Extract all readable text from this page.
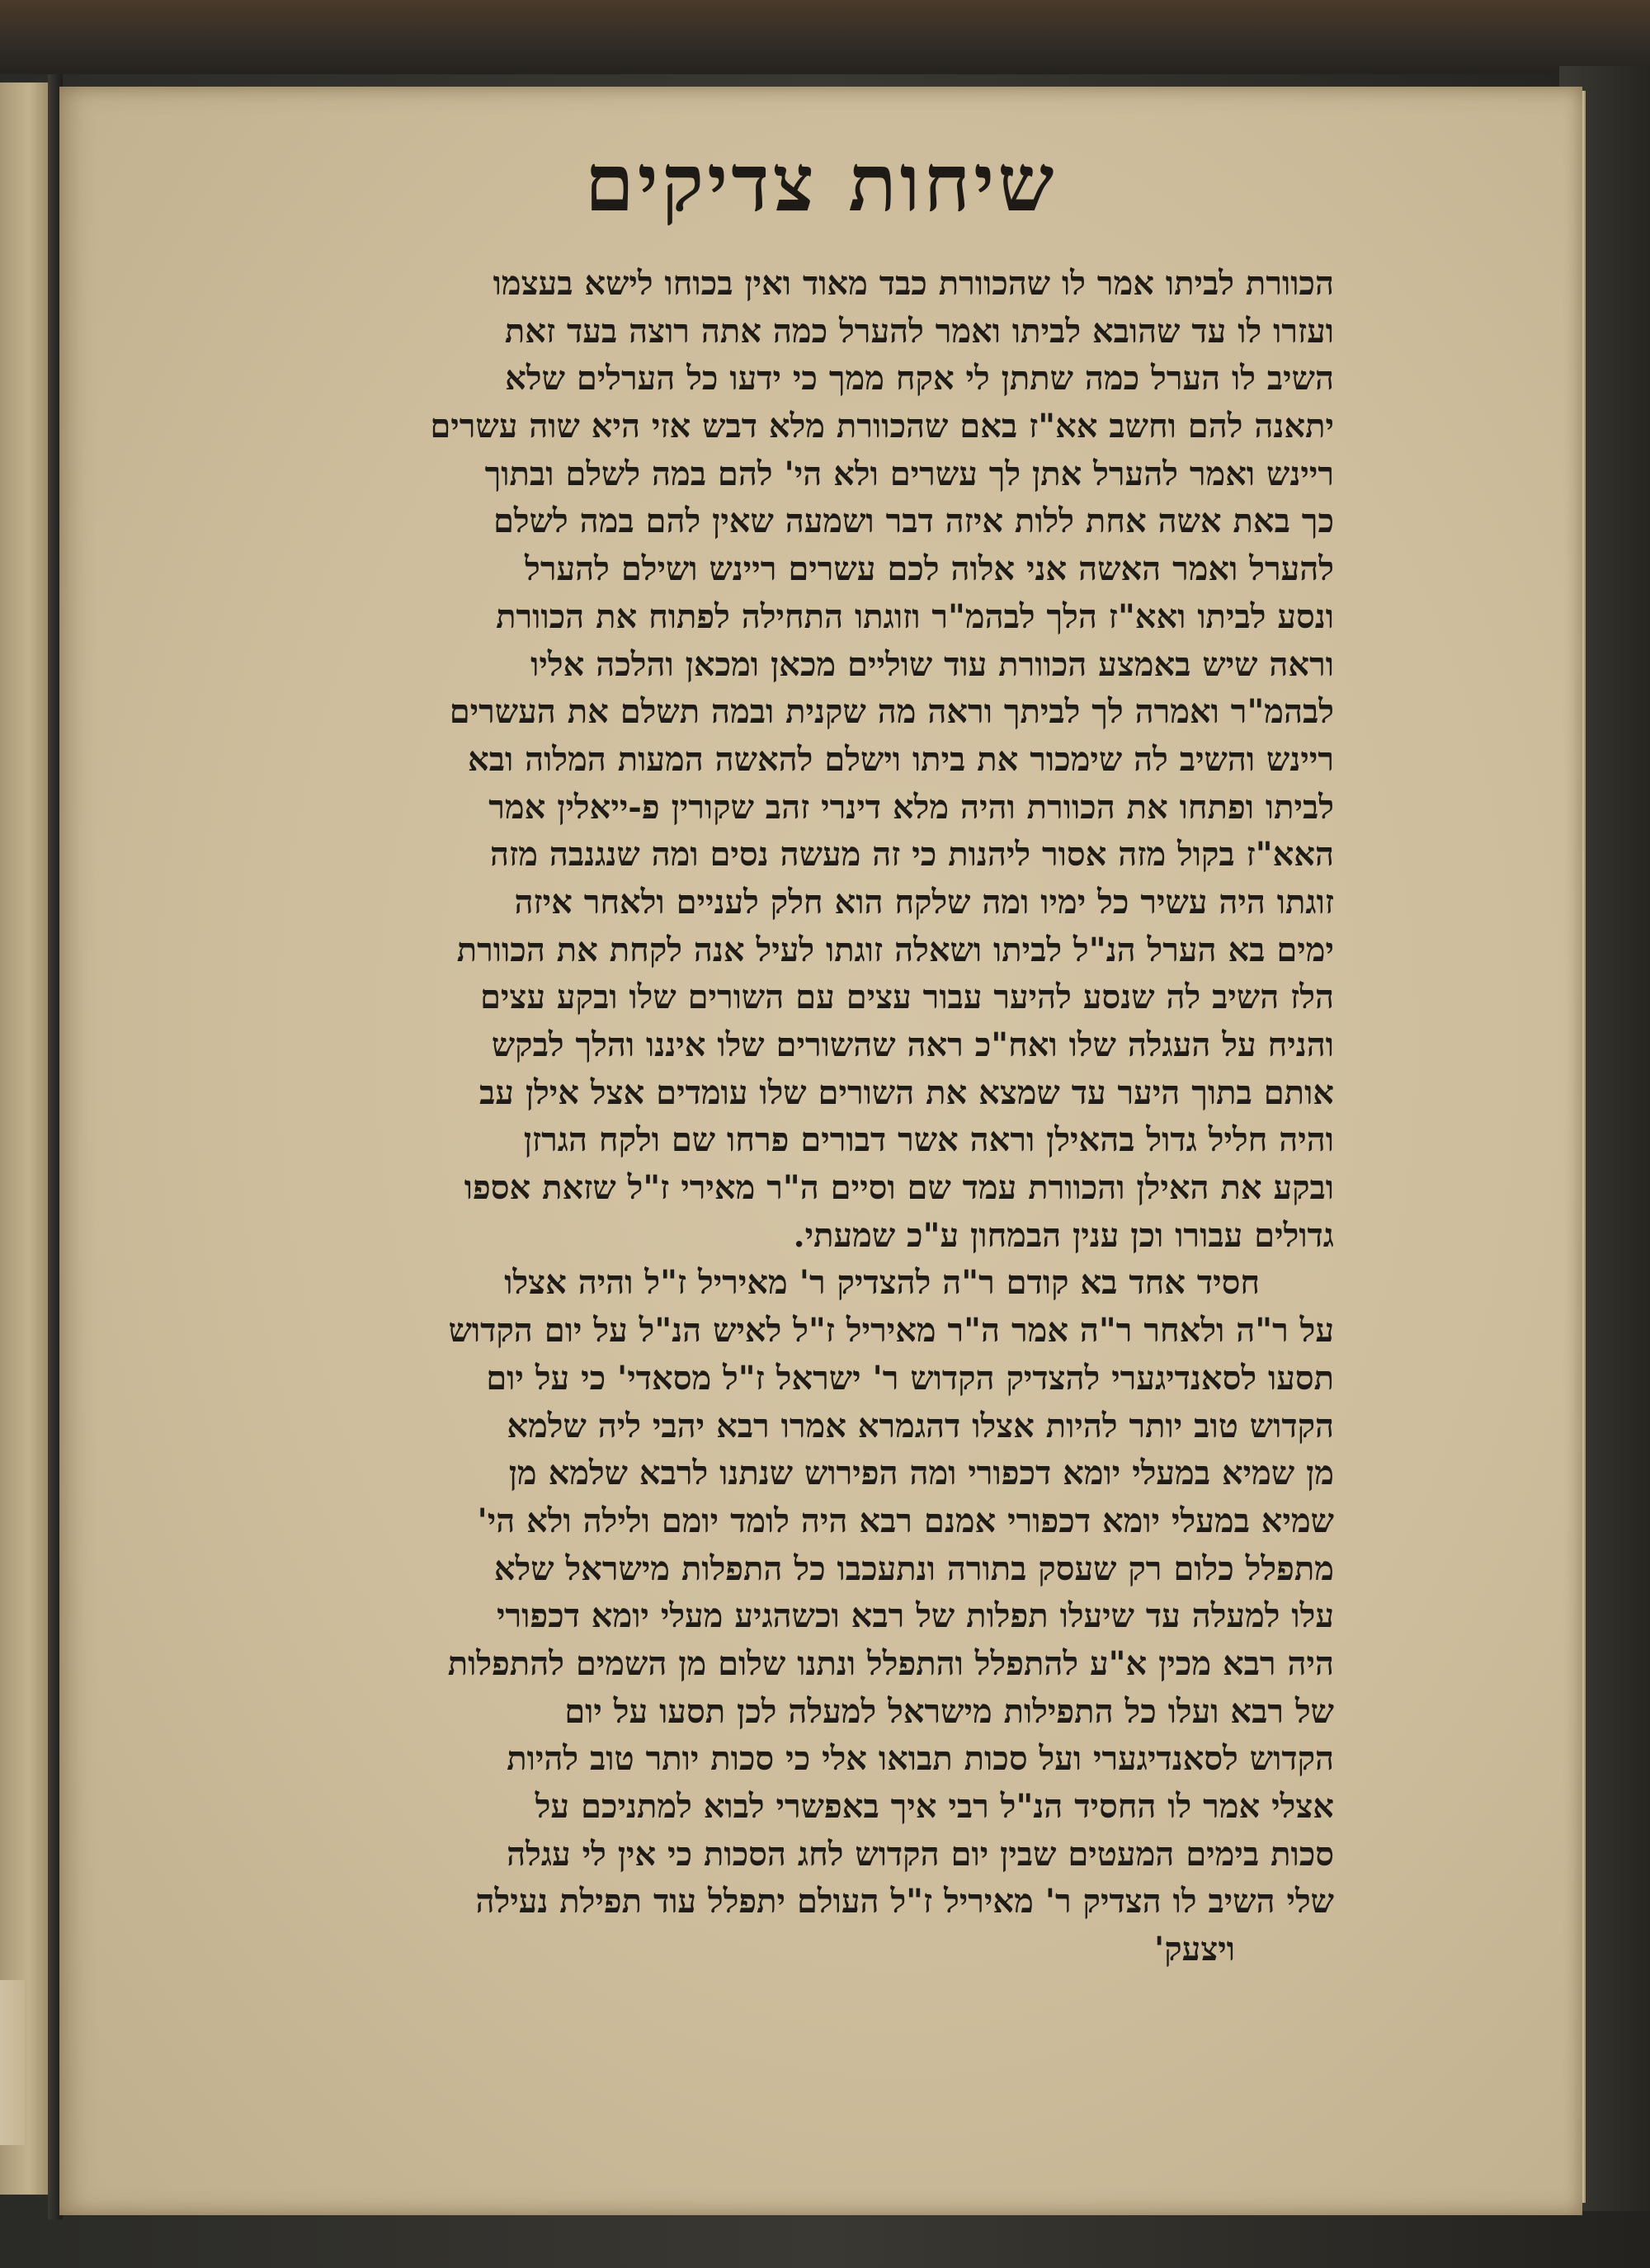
שיחות צדיקים
הכוורת לביתו אמר לו שהכוורת כבד מאוד ואין בכוחו לישא בעצמו
ועזרו לו עד שהובא לביתו ואמר להערל כמה אתה רוצה בעד זאת
השיב לו הערל כמה שתתן לי אקח ממך כי ידעו כל הערלים שלא
יתאנה להם וחשב אא"ז באם שהכוורת מלא דבש אזי היא שוה עשרים
ריינש ואמר להערל אתן לך עשרים ולא הי' להם במה לשלם ובתוך
כך באת אשה אחת ללות איזה דבר ושמעה שאין להם במה לשלם
להערל ואמר האשה אני אלוה לכם עשרים ריינש ושילם להערל
ונסע לביתו ואא"ז הלך לבהמ"ר וזוגתו התחילה לפתוח את הכוורת
וראה שיש באמצע הכוורת עוד שוליים מכאן ומכאן והלכה אליו
לבהמ"ר ואמרה לך לביתך וראה מה שקנית ובמה תשלם את העשרים
ריינש והשיב לה שימכור את ביתו וישלם להאשה המעות המלוה ובא
לביתו ופתחו את הכוורת והיה מלא דינרי זהב שקורין פ-ייאלין אמר
האא"ז בקול מזה אסור ליהנות כי זה מעשה נסים ומה שנגנבה מזה
זוגתו היה עשיר כל ימיו ומה שלקח הוא חלק לעניים ולאחר איזה
ימים בא הערל הנ"ל לביתו ושאלה זוגתו לעיל אנה לקחת את הכוורת
הלז השיב לה שנסע להיער עבור עצים עם השורים שלו ובקע עצים
והניח על העגלה שלו ואח"כ ראה שהשורים שלו איננו והלך לבקש
אותם בתוך היער עד שמצא את השורים שלו עומדים אצל אילן עב
והיה חליל גדול בהאילן וראה אשר דבורים פרחו שם ולקח הגרזן
ובקע את האילן והכוורת עמד שם וסיים ה"ר מאירי ז"ל שזאת אספו
גדולים עבורו וכן ענין הבמחון ע"כ שמעתי.
חסיד אחד בא קודם ר"ה להצדיק ר' מאיריל ז"ל והיה אצלו
על ר"ה ולאחר ר"ה אמר ה"ר מאיריל ז"ל לאיש הנ"ל על יום הקדוש
תסעו לסאנדיגערי להצדיק הקדוש ר' ישראל ז"ל מסאדי' כי על יום
הקדוש טוב יותר להיות אצלו דהגמרא אמרו רבא יהבי ליה שלמא
מן שמיא במעלי יומא דכפורי ומה הפירוש שנתנו לרבא שלמא מן
שמיא במעלי יומא דכפורי אמנם רבא היה לומד יומם ולילה ולא הי'
מתפלל כלום רק שעסק בתורה ונתעכבו כל התפלות מישראל שלא
עלו למעלה עד שיעלו תפלות של רבא וכשהגיע מעלי יומא דכפורי
היה רבא מכין א"ע להתפלל והתפלל ונתנו שלום מן השמים להתפלות
של רבא ועלו כל התפילות מישראל למעלה לכן תסעו על יום
הקדוש לסאנדיגערי ועל סכות תבואו אלי כי סכות יותר טוב להיות
אצלי אמר לו החסיד הנ"ל רבי איך באפשרי לבוא למתניכם על
סכות בימים המעטים שבין יום הקדוש לחג הסכות כי אין לי עגלה
שלי השיב לו הצדיק ר' מאיריל ז"ל העולם יתפלל עוד תפילת נעילה
ויצעק'
